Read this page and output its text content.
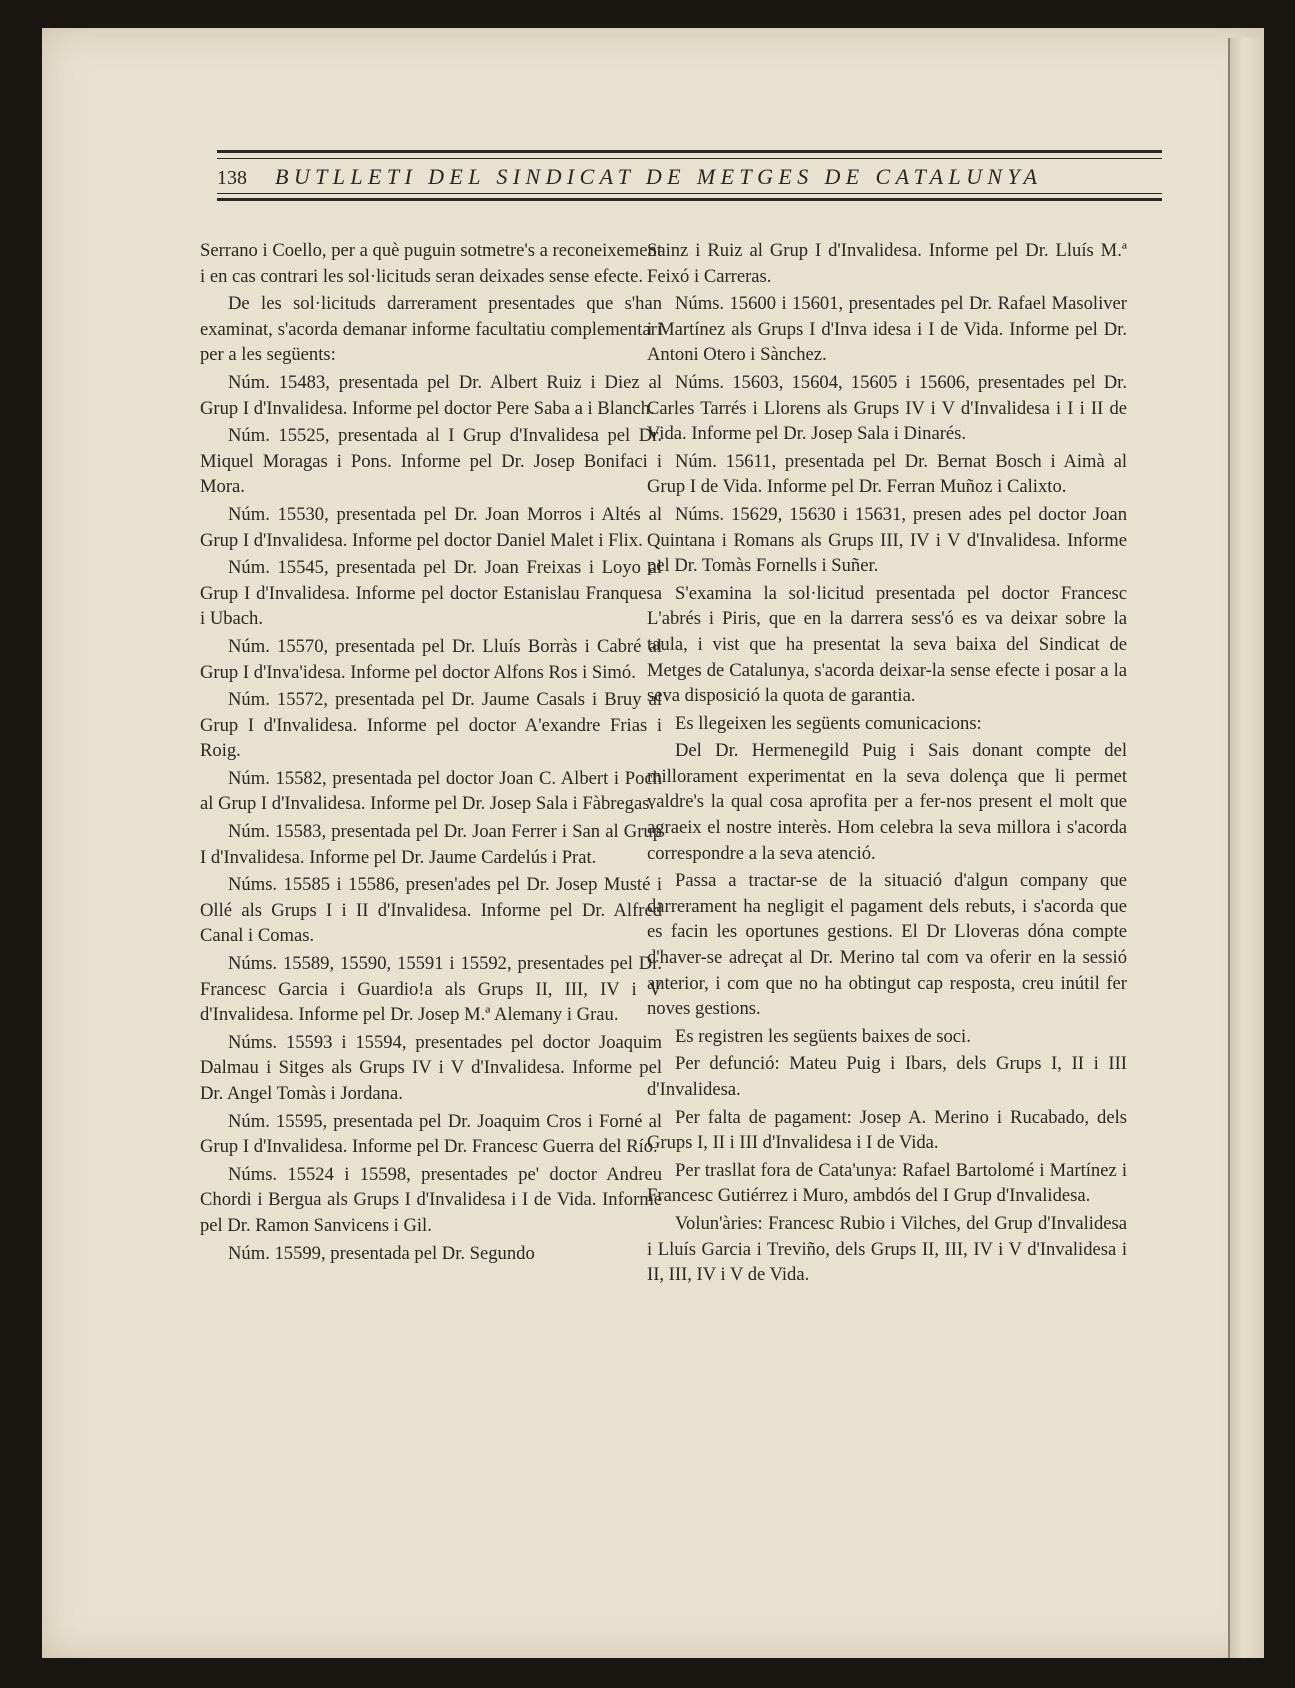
138	BUTLLETI DEL SINDICAT DE METGES DE CATALUNYA

Serrano i Coello, per a què puguin sotmetre's a reconeixement i en cas contrari les sol·licituds seran deixades sense efecte.

De les sol·licituds darrerament presentades que s'han examinat, s'acorda demanar informe facultatiu complementari per a les següents:

Núm. 15483, presentada pel Dr. Albert Ruiz i Diez al Grup I d'Invalidesa. Informe pel doctor Pere Saba a i Blanch.

Núm. 15525, presentada al I Grup d'Invalidesa pel Dr. Miquel Moragas i Pons. Informe pel Dr. Josep Bonifaci i Mora.

Núm. 15530, presentada pel Dr. Joan Morros i Altés al Grup I d'Invalidesa. Informe pel doctor Daniel Malet i Flix.

Núm. 15545, presentada pel Dr. Joan Freixas i Loyo al Grup I d'Invalidesa. Informe pel doctor Estanislau Franquesa i Ubach.

Núm. 15570, presentada pel Dr. Lluís Borràs i Cabré al Grup I d'Inva'idesa. Informe pel doctor Alfons Ros i Simó.

Núm. 15572, presentada pel Dr. Jaume Casals i Bruy al Grup I d'Invalidesa. Informe pel doctor A'exandre Frias i Roig.

Núm. 15582, presentada pel doctor Joan C. Albert i Poch al Grup I d'Invalidesa. Informe pel Dr. Josep Sala i Fàbregas.

Núm. 15583, presentada pel Dr. Joan Ferrer i San al Grup I d'Invalidesa. Informe pel Dr. Jaume Cardelús i Prat.

Núms. 15585 i 15586, presen'ades pel Dr. Josep Musté i Ollé als Grups I i II d'Invalidesa. Informe pel Dr. Alfred Canal i Comas.

Núms. 15589, 15590, 15591 i 15592, presentades pel Dr. Francesc Garcia i Guardio!a als Grups II, III, IV i V d'Invalidesa. Informe pel Dr. Josep M.ª Alemany i Grau.

Núms. 15593 i 15594, presentades pel doctor Joaquim Dalmau i Sitges als Grups IV i V d'Invalidesa. Informe pel Dr. Angel Tomàs i Jordana.

Núm. 15595, presentada pel Dr. Joaquim Cros i Forné al Grup I d'Invalidesa. Informe pel Dr. Francesc Guerra del Río.

Núms. 15524 i 15598, presentades pe' doctor Andreu Chordi i Bergua als Grups I d'Invalidesa i I de Vida. Informe pel Dr. Ramon Sanvicens i Gil.

Núm. 15599, presentada pel Dr. Segundo

Sainz i Ruiz al Grup I d'Invalidesa. Informe pel Dr. Lluís M.ª Feixó i Carreras.

Núms. 15600 i 15601, presentades pel Dr. Rafael Masoliver i Martínez als Grups I d'Inva idesa i I de Vida. Informe pel Dr. Antoni Otero i Sànchez.

Núms. 15603, 15604, 15605 i 15606, presentades pel Dr. Carles Tarrés i Llorens als Grups IV i V d'Invalidesa i I i II de Vida. Informe pel Dr. Josep Sala i Dinarés.

Núm. 15611, presentada pel Dr. Bernat Bosch i Aimà al Grup I de Vida. Informe pel Dr. Ferran Muñoz i Calixto.

Núms. 15629, 15630 i 15631, presen ades pel doctor Joan Quintana i Romans als Grups III, IV i V d'Invalidesa. Informe pel Dr. Tomàs Fornells i Suñer.

S'examina la sol·licitud presentada pel doctor Francesc L'abrés i Piris, que en la darrera sess'ó es va deixar sobre la taula, i vist que ha presentat la seva baixa del Sindicat de Metges de Catalunya, s'acorda deixar-la sense efecte i posar a la seva disposició la quota de garantia.

Es llegeixen les següents comunicacions:

Del Dr. Hermenegild Puig i Sais donant compte del millorament experimentat en la seva dolença que li permet valdre's la qual cosa aprofita per a fer-nos present el molt que agraeix el nostre interès. Hom celebra la seva millora i s'acorda correspondre a la seva atenció.

Passa a tractar-se de la situació d'algun company que darrerament ha negligit el pagament dels rebuts, i s'acorda que es facin les oportunes gestions. El Dr Lloveras dóna compte d'haver-se adreçat al Dr. Merino tal com va oferir en la sessió anterior, i com que no ha obtingut cap resposta, creu inútil fer noves gestions.

Es registren les següents baixes de soci.

Per defunció: Mateu Puig i Ibars, dels Grups I, II i III d'Invalidesa.

Per falta de pagament: Josep A. Merino i Rucabado, dels Grups I, II i III d'Invalidesa i I de Vida.

Per trasllat fora de Cata'unya: Rafael Bartolomé i Martínez i Francesc Gutiérrez i Muro, ambdós del I Grup d'Invalidesa.

Volun'àries: Francesc Rubio i Vilches, del Grup d'Invalidesa i Lluís Garcia i Treviño, dels Grups II, III, IV i V d'Invalidesa i II, III, IV i V de Vida.
